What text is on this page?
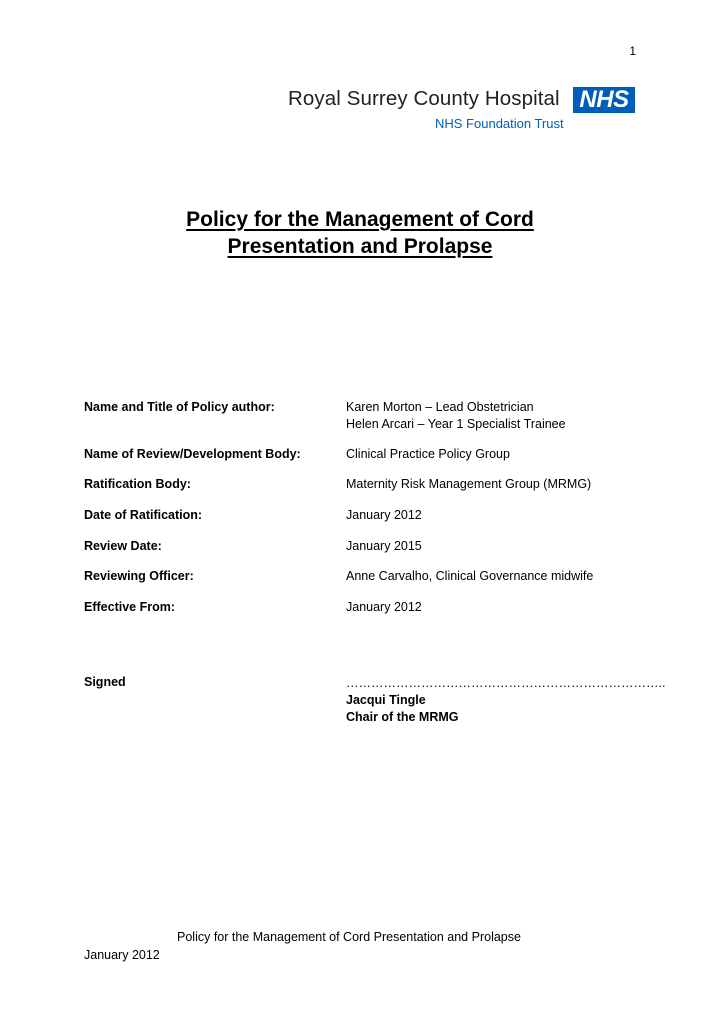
1
Royal Surrey County Hospital NHS
NHS Foundation Trust
Policy for the Management of Cord
Presentation and Prolapse
Name and Title of Policy author:	Karen Morton – Lead Obstetrician
Helen Arcari – Year 1 Specialist Trainee
Name of Review/Development Body:	Clinical Practice Policy Group
Ratification Body:	Maternity Risk Management Group (MRMG)
Date of Ratification:	January 2012
Review Date:	January 2015
Reviewing Officer:	Anne Carvalho, Clinical Governance midwife
Effective From:	January 2012
Signed	…………………………………………………………………..
Jacqui Tingle
Chair of the MRMG
Policy for the Management of Cord Presentation and Prolapse
January 2012
